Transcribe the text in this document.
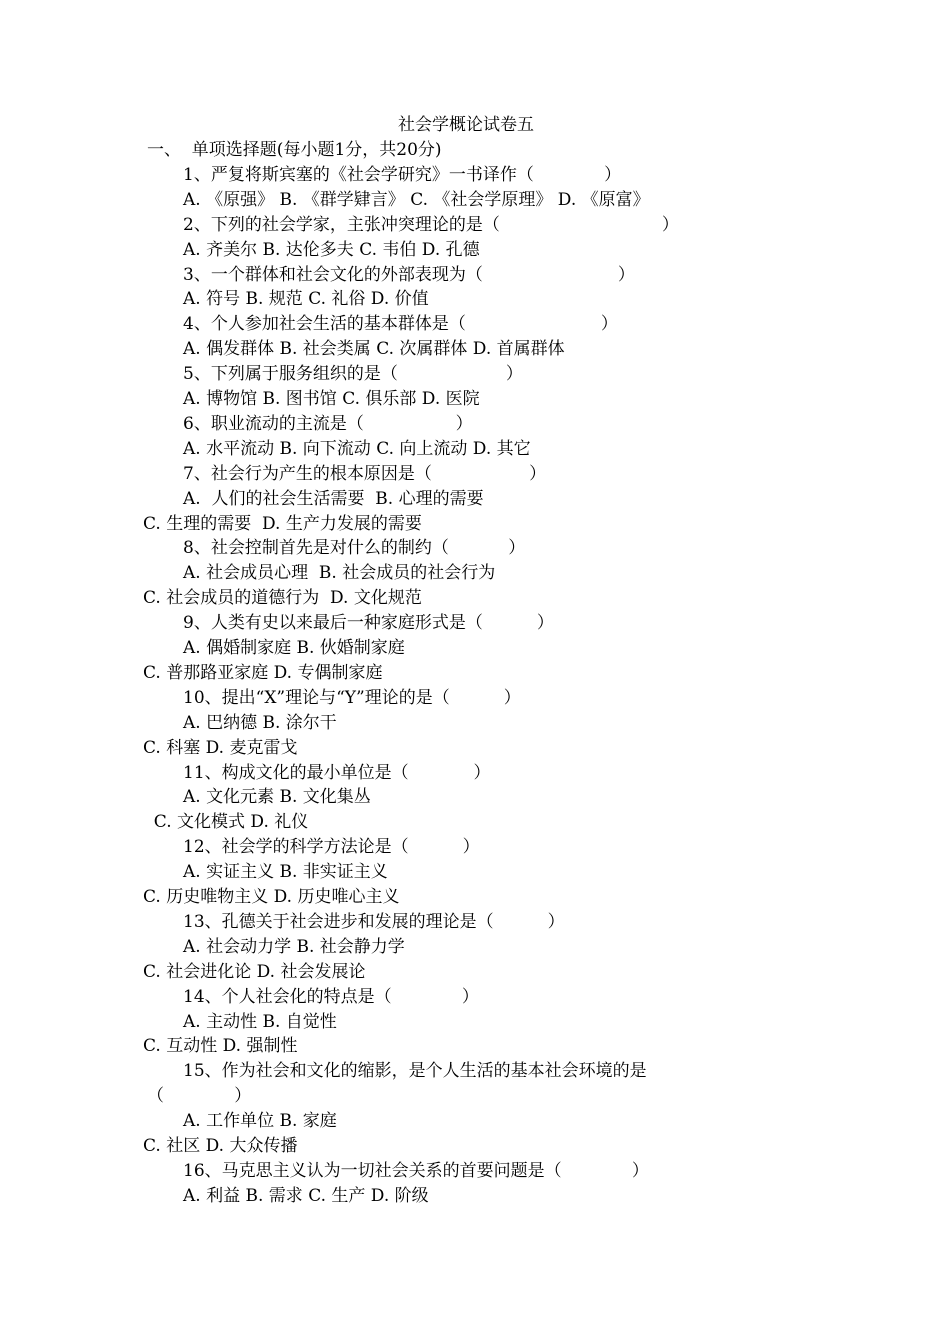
社会学概论试卷五
一、  单项选择题(每小题1分，共20分)
1、严复将斯宾塞的《社会学研究》一书译作（             ）
A. 《原强》 B. 《群学肄言》 C. 《社会学原理》 D. 《原富》
2、下列的社会学家，主张冲突理论的是（                              ）
A. 齐美尔 B. 达伦多夫 C. 韦伯 D. 孔德
3、一个群体和社会文化的外部表现为（                         ）
A. 符号 B. 规范 C. 礼俗 D. 价值
4、个人参加社会生活的基本群体是（                         ）
A. 偶发群体 B. 社会类属 C. 次属群体 D. 首属群体
5、下列属于服务组织的是（                    ）
A. 博物馆 B. 图书馆 C. 俱乐部 D. 医院
6、职业流动的主流是（                 ）
A. 水平流动 B. 向下流动 C. 向上流动 D. 其它
7、社会行为产生的根本原因是（                  ）
A.  人们的社会生活需要  B. 心理的需要
C. 生理的需要  D. 生产力发展的需要
8、社会控制首先是对什么的制约（           ）
A. 社会成员心理  B. 社会成员的社会行为
C. 社会成员的道德行为  D. 文化规范
9、人类有史以来最后一种家庭形式是（          ）
A. 偶婚制家庭 B. 伙婚制家庭
C. 普那路亚家庭 D. 专偶制家庭
10、提出“X”理论与“Y”理论的是（          ）
A. 巴纳德 B. 涂尔干
C. 科塞 D. 麦克雷戈
11、构成文化的最小单位是（            ）
A. 文化元素 B. 文化集丛
C. 文化模式 D. 礼仪
12、社会学的科学方法论是（          ）
A. 实证主义 B. 非实证主义
C. 历史唯物主义 D. 历史唯心主义
13、孔德关于社会进步和发展的理论是（          ）
A. 社会动力学 B. 社会静力学
C. 社会进化论 D. 社会发展论
14、个人社会化的特点是（             ）
A. 主动性 B. 自觉性
C. 互动性 D. 强制性
15、作为社会和文化的缩影，是个人生活的基本社会环境的是
（             ）
A. 工作单位 B. 家庭
C. 社区 D. 大众传播
16、马克思主义认为一切社会关系的首要问题是（             ）
A. 利益 B. 需求 C. 生产 D. 阶级
